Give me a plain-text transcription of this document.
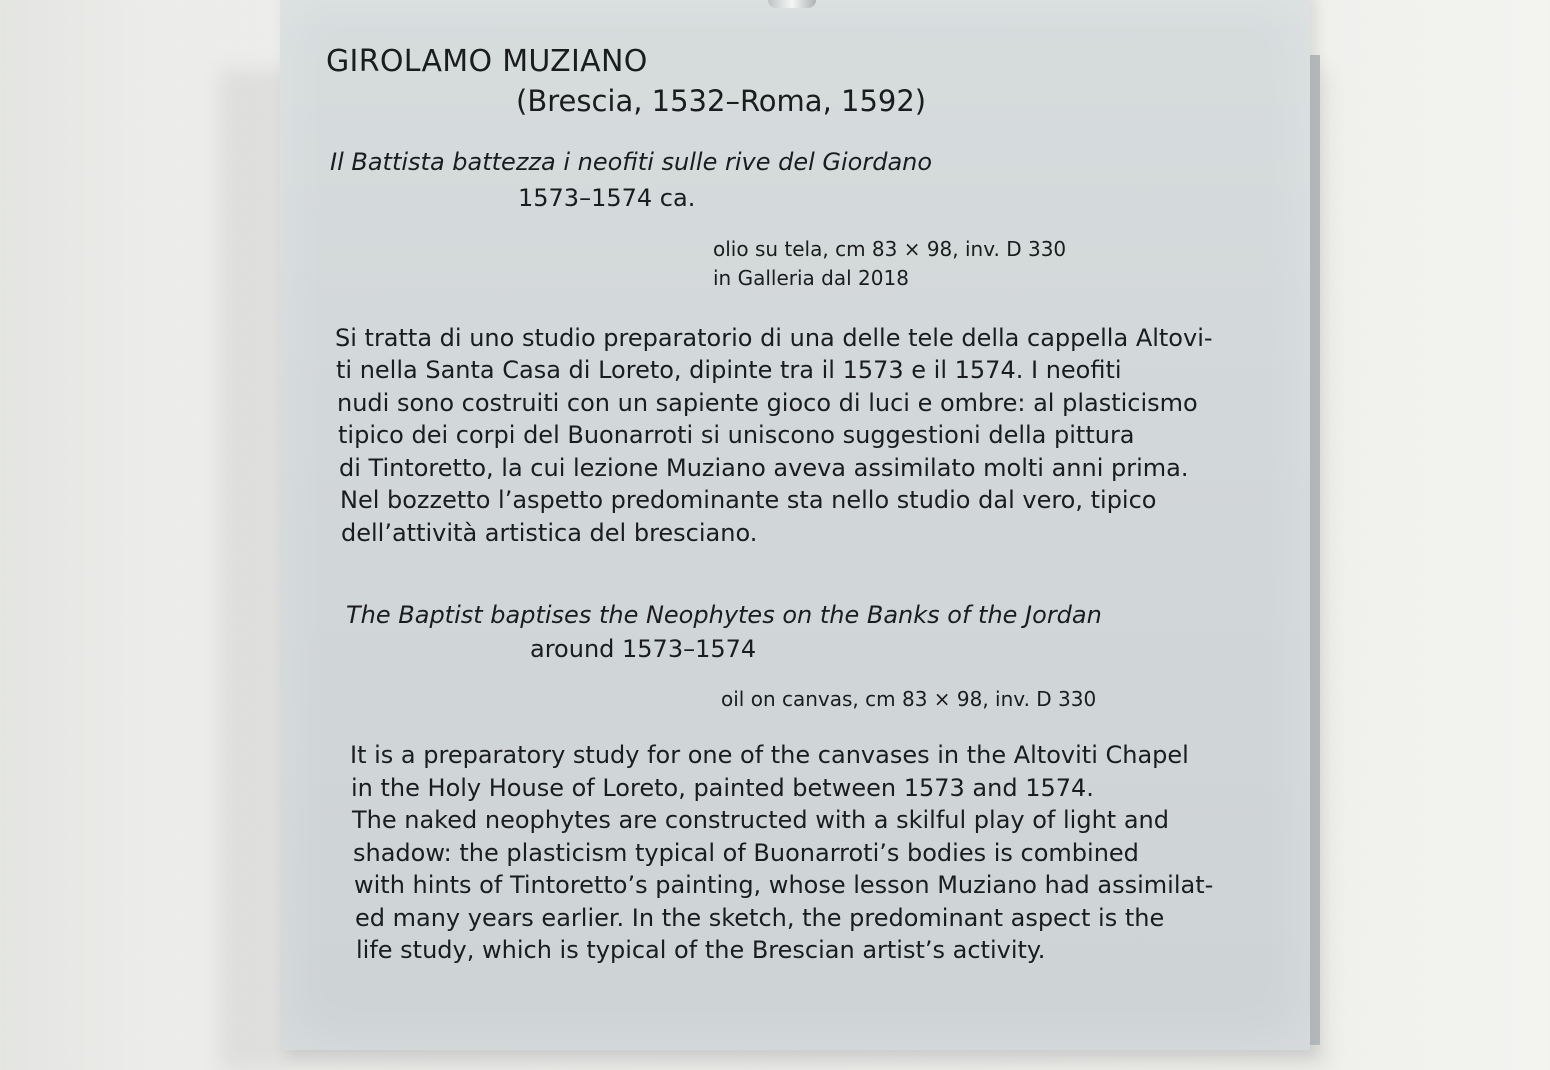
GIROLAMO MUZIANO

(Brescia, 1532–Roma, 1592)

Il Battista battezza i neofiti sulle rive del Giordano

1573–1574 ca.

olio su tela, cm 83 × 98, inv. D 330

in Galleria dal 2018

Si tratta di uno studio preparatorio di una delle tele della cappella Altovi-

ti nella Santa Casa di Loreto, dipinte tra il 1573 e il 1574. I neofiti

nudi sono costruiti con un sapiente gioco di luci e ombre: al plasticismo

tipico dei corpi del Buonarroti si uniscono suggestioni della pittura

di Tintoretto, la cui lezione Muziano aveva assimilato molti anni prima.

Nel bozzetto l’aspetto predominante sta nello studio dal vero, tipico

dell’attività artistica del bresciano.

The Baptist baptises the Neophytes on the Banks of the Jordan

around 1573–1574

oil on canvas, cm 83 × 98, inv. D 330

It is a preparatory study for one of the canvases in the Altoviti Chapel

in the Holy House of Loreto, painted between 1573 and 1574.

The naked neophytes are constructed with a skilful play of light and

shadow: the plasticism typical of Buonarroti’s bodies is combined

with hints of Tintoretto’s painting, whose lesson Muziano had assimilat-

ed many years earlier. In the sketch, the predominant aspect is the

life study, which is typical of the Brescian artist’s activity.
